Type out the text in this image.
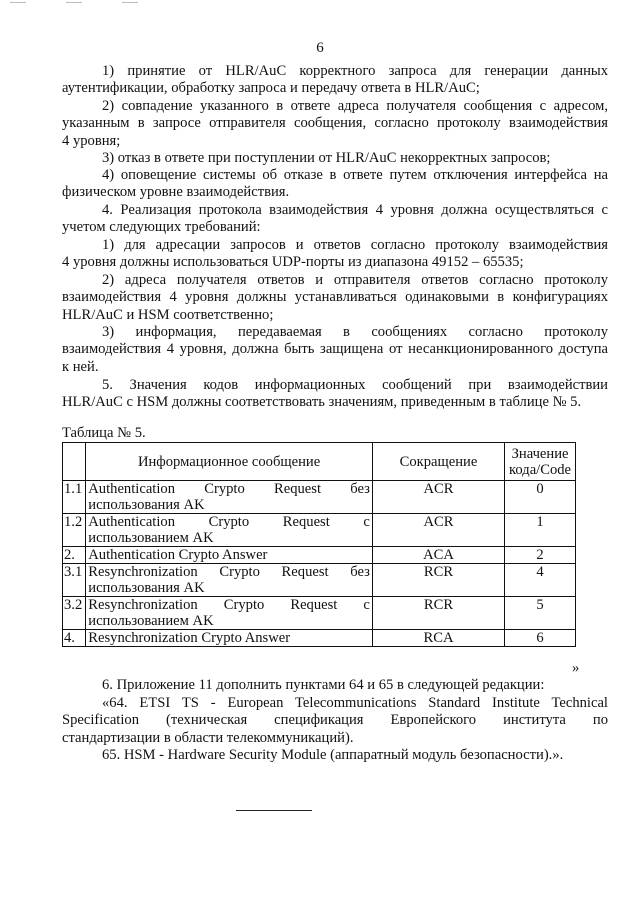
6
1) принятие от HLR/AuC корректного запроса для генерации данных
аутентификации, обработку запроса и передачу ответа в HLR/AuC;
2) совпадение указанного в ответе адреса получателя сообщения с адресом,
указанным в запросе отправителя сообщения, согласно протоколу взаимодействия
4 уровня;
3) отказ в ответе при поступлении от HLR/AuC некорректных запросов;
4) оповещение системы об отказе в ответе путем отключения интерфейса на
физическом уровне взаимодействия.
4. Реализация протокола взаимодействия 4 уровня должна осуществляться с
учетом следующих требований:
1) для адресации запросов и ответов согласно протоколу взаимодействия
4 уровня должны использоваться UDP-порты из диапазона 49152 – 65535;
2) адреса получателя ответов и отправителя ответов согласно протоколу
взаимодействия 4 уровня должны устанавливаться одинаковыми в конфигурациях
HLR/AuC и HSM соответственно;
3) информация, передаваемая в сообщениях согласно протоколу
взаимодействия 4 уровня, должна быть защищена от несанкционированного доступа
к ней.
5. Значения кодов информационных сообщений при взаимодействии
HLR/AuC с HSM должны соответствовать значениям, приведенным в таблице № 5.
Таблица № 5.
	Информационное сообщение	Сокращение	Значение
кода/Code
1.1	Authentication Crypto Request без
использования AK	ACR	0
1.2	Authentication Crypto Request с
использованием AK	ACR	1
2.	Authentication Crypto Answer	ACA	2
3.1	Resynchronization Crypto Request без
использования AK	RCR	4
3.2	Resynchronization Crypto Request с
использованием AK	RCR	5
4.	Resynchronization Crypto Answer	RCA	6
»
6. Приложение 11 дополнить пунктами 64 и 65 в следующей редакции:
«64. ETSI TS - European Telecommunications Standard Institute Technical
Specification (техническая спецификация Европейского института по
стандартизации в области телекоммуникаций).
65. HSM - Hardware Security Module (аппаратный модуль безопасности).».
